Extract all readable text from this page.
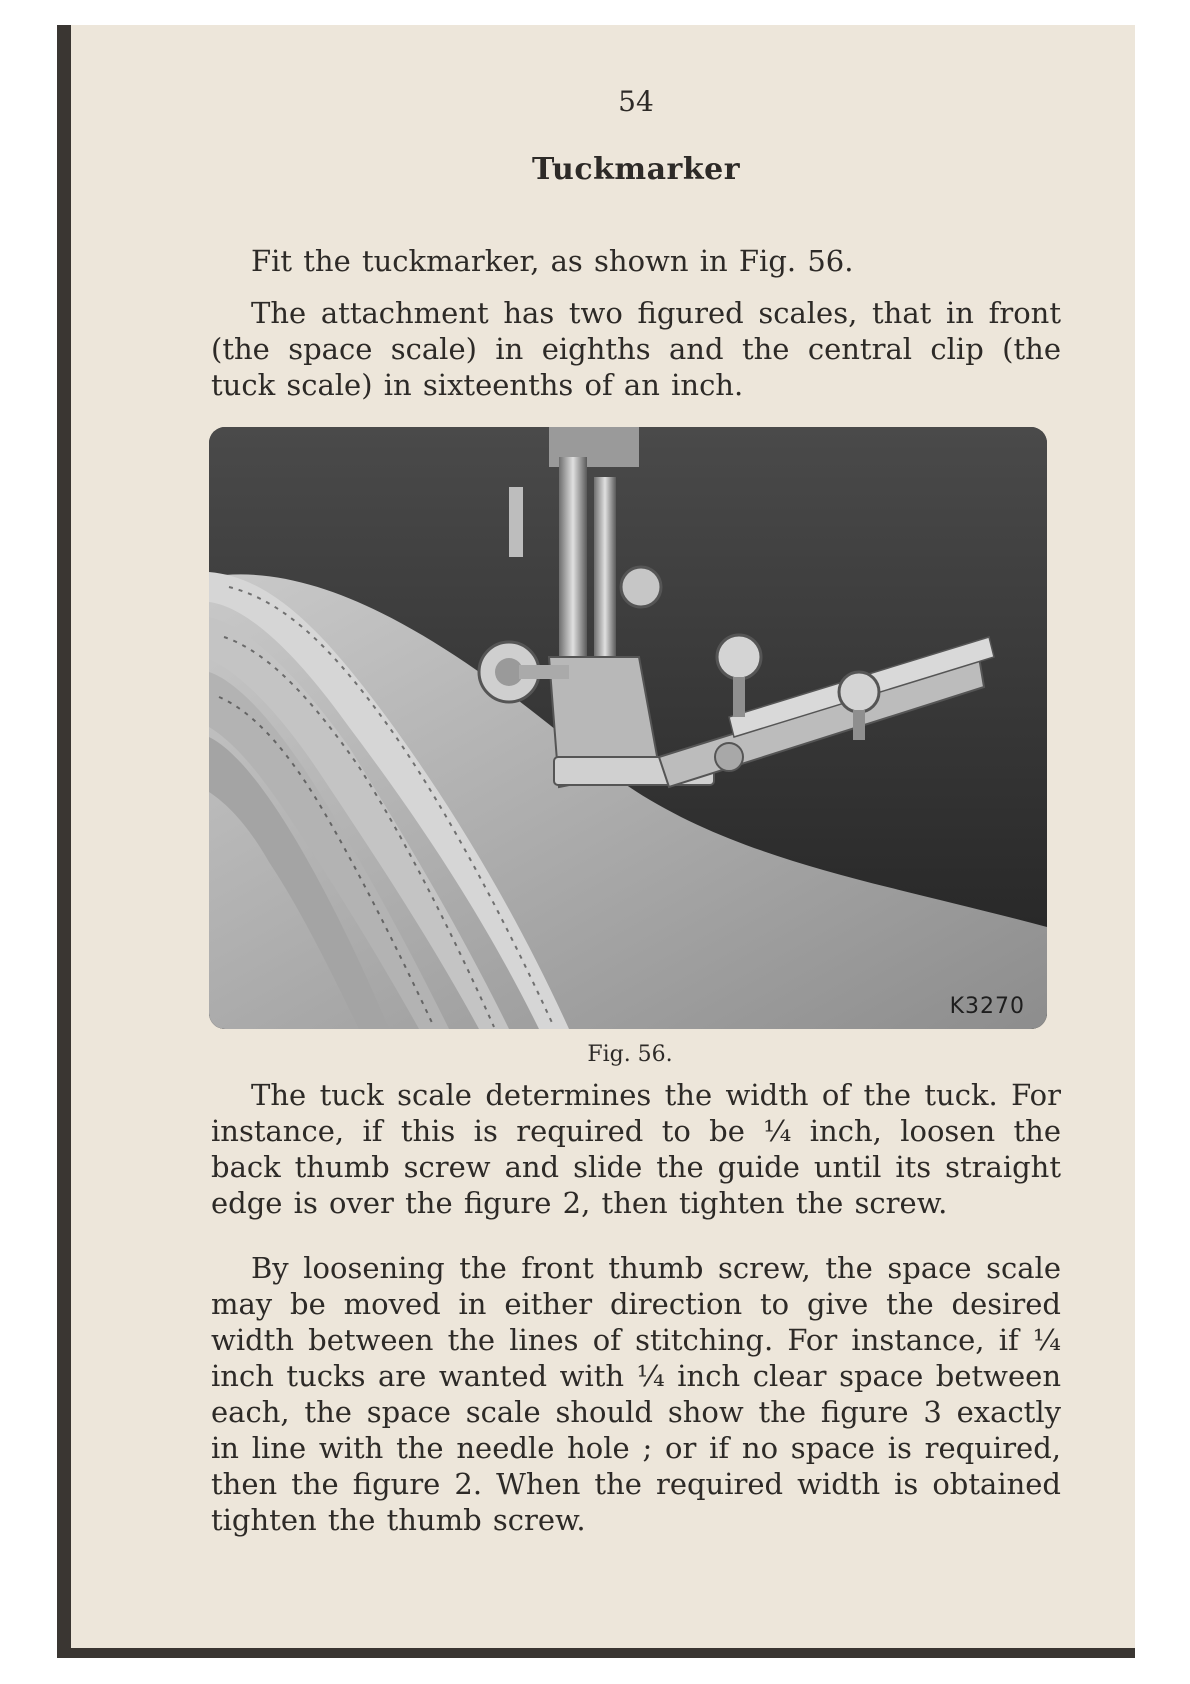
54
Tuckmarker

Fit the tuckmarker, as shown in Fig. 56.

The attachment has two figured scales, that in front (the space scale) in eighths and the central clip (the tuck scale) in sixteenths of an inch.

K3270
Fig. 56.

The tuck scale determines the width of the tuck. For instance, if this is required to be ¼ inch, loosen the back thumb screw and slide the guide until its straight edge is over the figure 2, then tighten the screw.

By loosening the front thumb screw, the space scale may be moved in either direction to give the desired width between the lines of stitching. For instance, if ¼ inch tucks are wanted with ¼ inch clear space between each, the space scale should show the figure 3 exactly in line with the needle hole ; or if no space is required, then the figure 2. When the required width is obtained tighten the thumb screw.
